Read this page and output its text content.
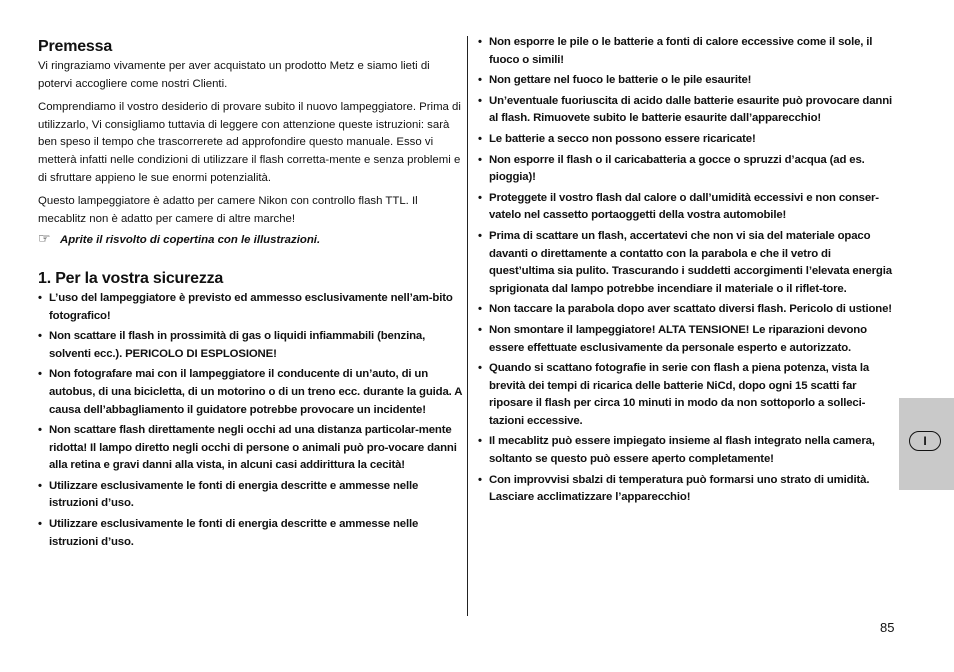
Premessa

Vi ringraziamo vivamente per aver acquistato un prodotto Metz e siamo lieti di potervi accogliere come nostri Clienti.

Comprendiamo il vostro desiderio di provare subito il nuovo lampeggiatore. Prima di utilizzarlo, Vi consigliamo tuttavia di leggere con attenzione queste istruzioni: sarà ben speso il tempo che trascorrerete ad approfondire questo manuale. Esso vi metterà infatti nelle condizioni di utilizzare il flash corretta-mente e senza problemi e di sfruttare appieno le sue enormi potenzialità.

Questo lampeggiatore è adatto per camere Nikon con controllo flash TTL. Il mecablitz non è adatto per camere di altre marche!

☞ Aprite il risvolto di copertina con le illustrazioni.
1. Per la vostra sicurezza
• L’uso del lampeggiatore è previsto ed ammesso esclusivamente nell’am-bito fotografico!
• Non scattare il flash in prossimità di gas o liquidi infiammabili (benzina, solventi ecc.). PERICOLO DI ESPLOSIONE!
• Non fotografare mai con il lampeggiatore il conducente di un’auto, di un autobus, di una bicicletta, di un motorino o di un treno ecc. durante la guida. A causa dell’abbagliamento il guidatore potrebbe provocare un incidente!
• Non scattare flash direttamente negli occhi ad una distanza particolar-mente ridotta! Il lampo diretto negli occhi di persone o animali può pro-vocare danni alla retina e gravi danni alla vista, in alcuni casi addirittura la cecità!
• Utilizzare esclusivamente le fonti di energia descritte e ammesse nelle istruzioni d’uso.
• Utilizzare esclusivamente le fonti di energia descritte e ammesse nelle istruzioni d’uso.
• Non esporre le pile o le batterie a fonti di calore eccessive come il sole, il fuoco o simili!
• Non gettare nel fuoco le batterie o le pile esaurite!
• Un’eventuale fuoriuscita di acido dalle batterie esaurite può provocare danni al flash. Rimuovete subito le batterie esaurite dall’apparecchio!
• Le batterie a secco non possono essere ricaricate!
• Non esporre il flash o il caricabatteria a gocce o spruzzi d’acqua (ad es. pioggia)!
• Proteggete il vostro flash dal calore o dall’umidità eccessivi e non conser-vatelo nel cassetto portaoggetti della vostra automobile!
• Prima di scattare un flash, accertatevi che non vi sia del materiale opaco davanti o direttamente a contatto con la parabola e che il vetro di quest’ultima sia pulito. Trascurando i suddetti accorgimenti l’elevata energia sprigionata dal lampo potrebbe incendiare il materiale o il riflet-tore.
• Non taccare la parabola dopo aver scattato diversi flash. Pericolo di ustione!
• Non smontare il lampeggiatore! ALTA TENSIONE! Le riparazioni devono essere effettuate esclusivamente da personale esperto e autorizzato.
• Quando si scattano fotografie in serie con flash a piena potenza, vista la brevità dei tempi di ricarica delle batterie NiCd, dopo ogni 15 scatti far riposare il flash per circa 10 minuti in modo da non sottoporlo a solleci-tazioni eccessive.
• Il mecablitz può essere impiegato insieme al flash integrato nella camera, soltanto se questo può essere aperto completamente!
• Con improvvisi sbalzi di temperatura può formarsi uno strato di umidità. Lasciare acclimatizzare l’apparecchio!
I
85
